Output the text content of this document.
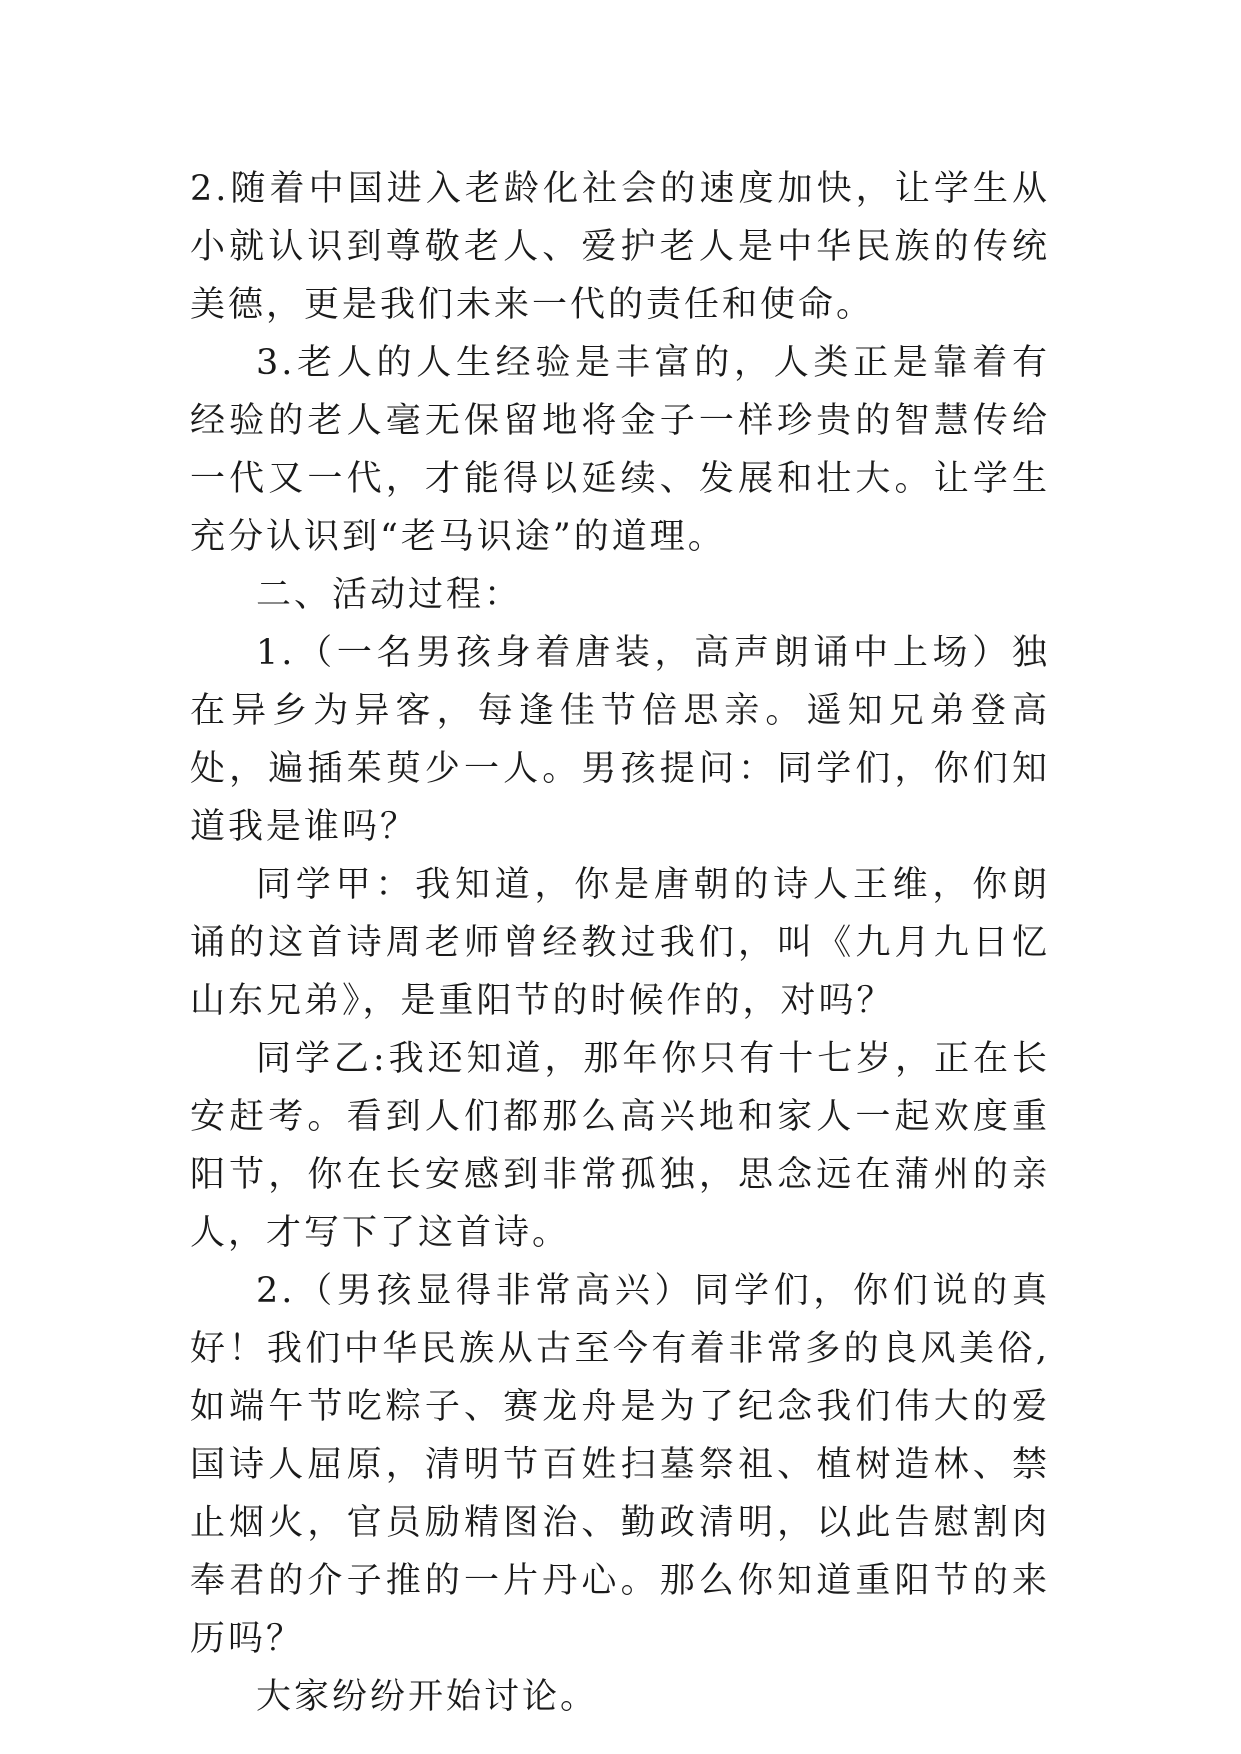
2.随着中国进入老龄化社会的速度加快，让学生从小就认识到尊敬老人、爱护老人是中华民族的传统美德，更是我们未来一代的责任和使命。

3.老人的人生经验是丰富的，人类正是靠着有经验的老人毫无保留地将金子一样珍贵的智慧传给一代又一代，才能得以延续、发展和壮大。让学生充分认识到“老马识途”的道理。

二、活动过程：

1.（一名男孩身着唐装，高声朗诵中上场）独在异乡为异客，每逢佳节倍思亲。遥知兄弟登高处，遍插茱萸少一人。男孩提问：同学们，你们知道我是谁吗？

同学甲：我知道，你是唐朝的诗人王维，你朗诵的这首诗周老师曾经教过我们，叫《九月九日忆山东兄弟》，是重阳节的时候作的，对吗？

同学乙:我还知道，那年你只有十七岁，正在长安赶考。看到人们都那么高兴地和家人一起欢度重阳节，你在长安感到非常孤独，思念远在蒲州的亲人，才写下了这首诗。

2.（男孩显得非常高兴）同学们，你们说的真好！我们中华民族从古至今有着非常多的良风美俗,如端午节吃粽子、赛龙舟是为了纪念我们伟大的爱国诗人屈原，清明节百姓扫墓祭祖、植树造林、禁止烟火，官员励精图治、勤政清明，以此告慰割肉奉君的介子推的一片丹心。那么你知道重阳节的来历吗？

大家纷纷开始讨论。
